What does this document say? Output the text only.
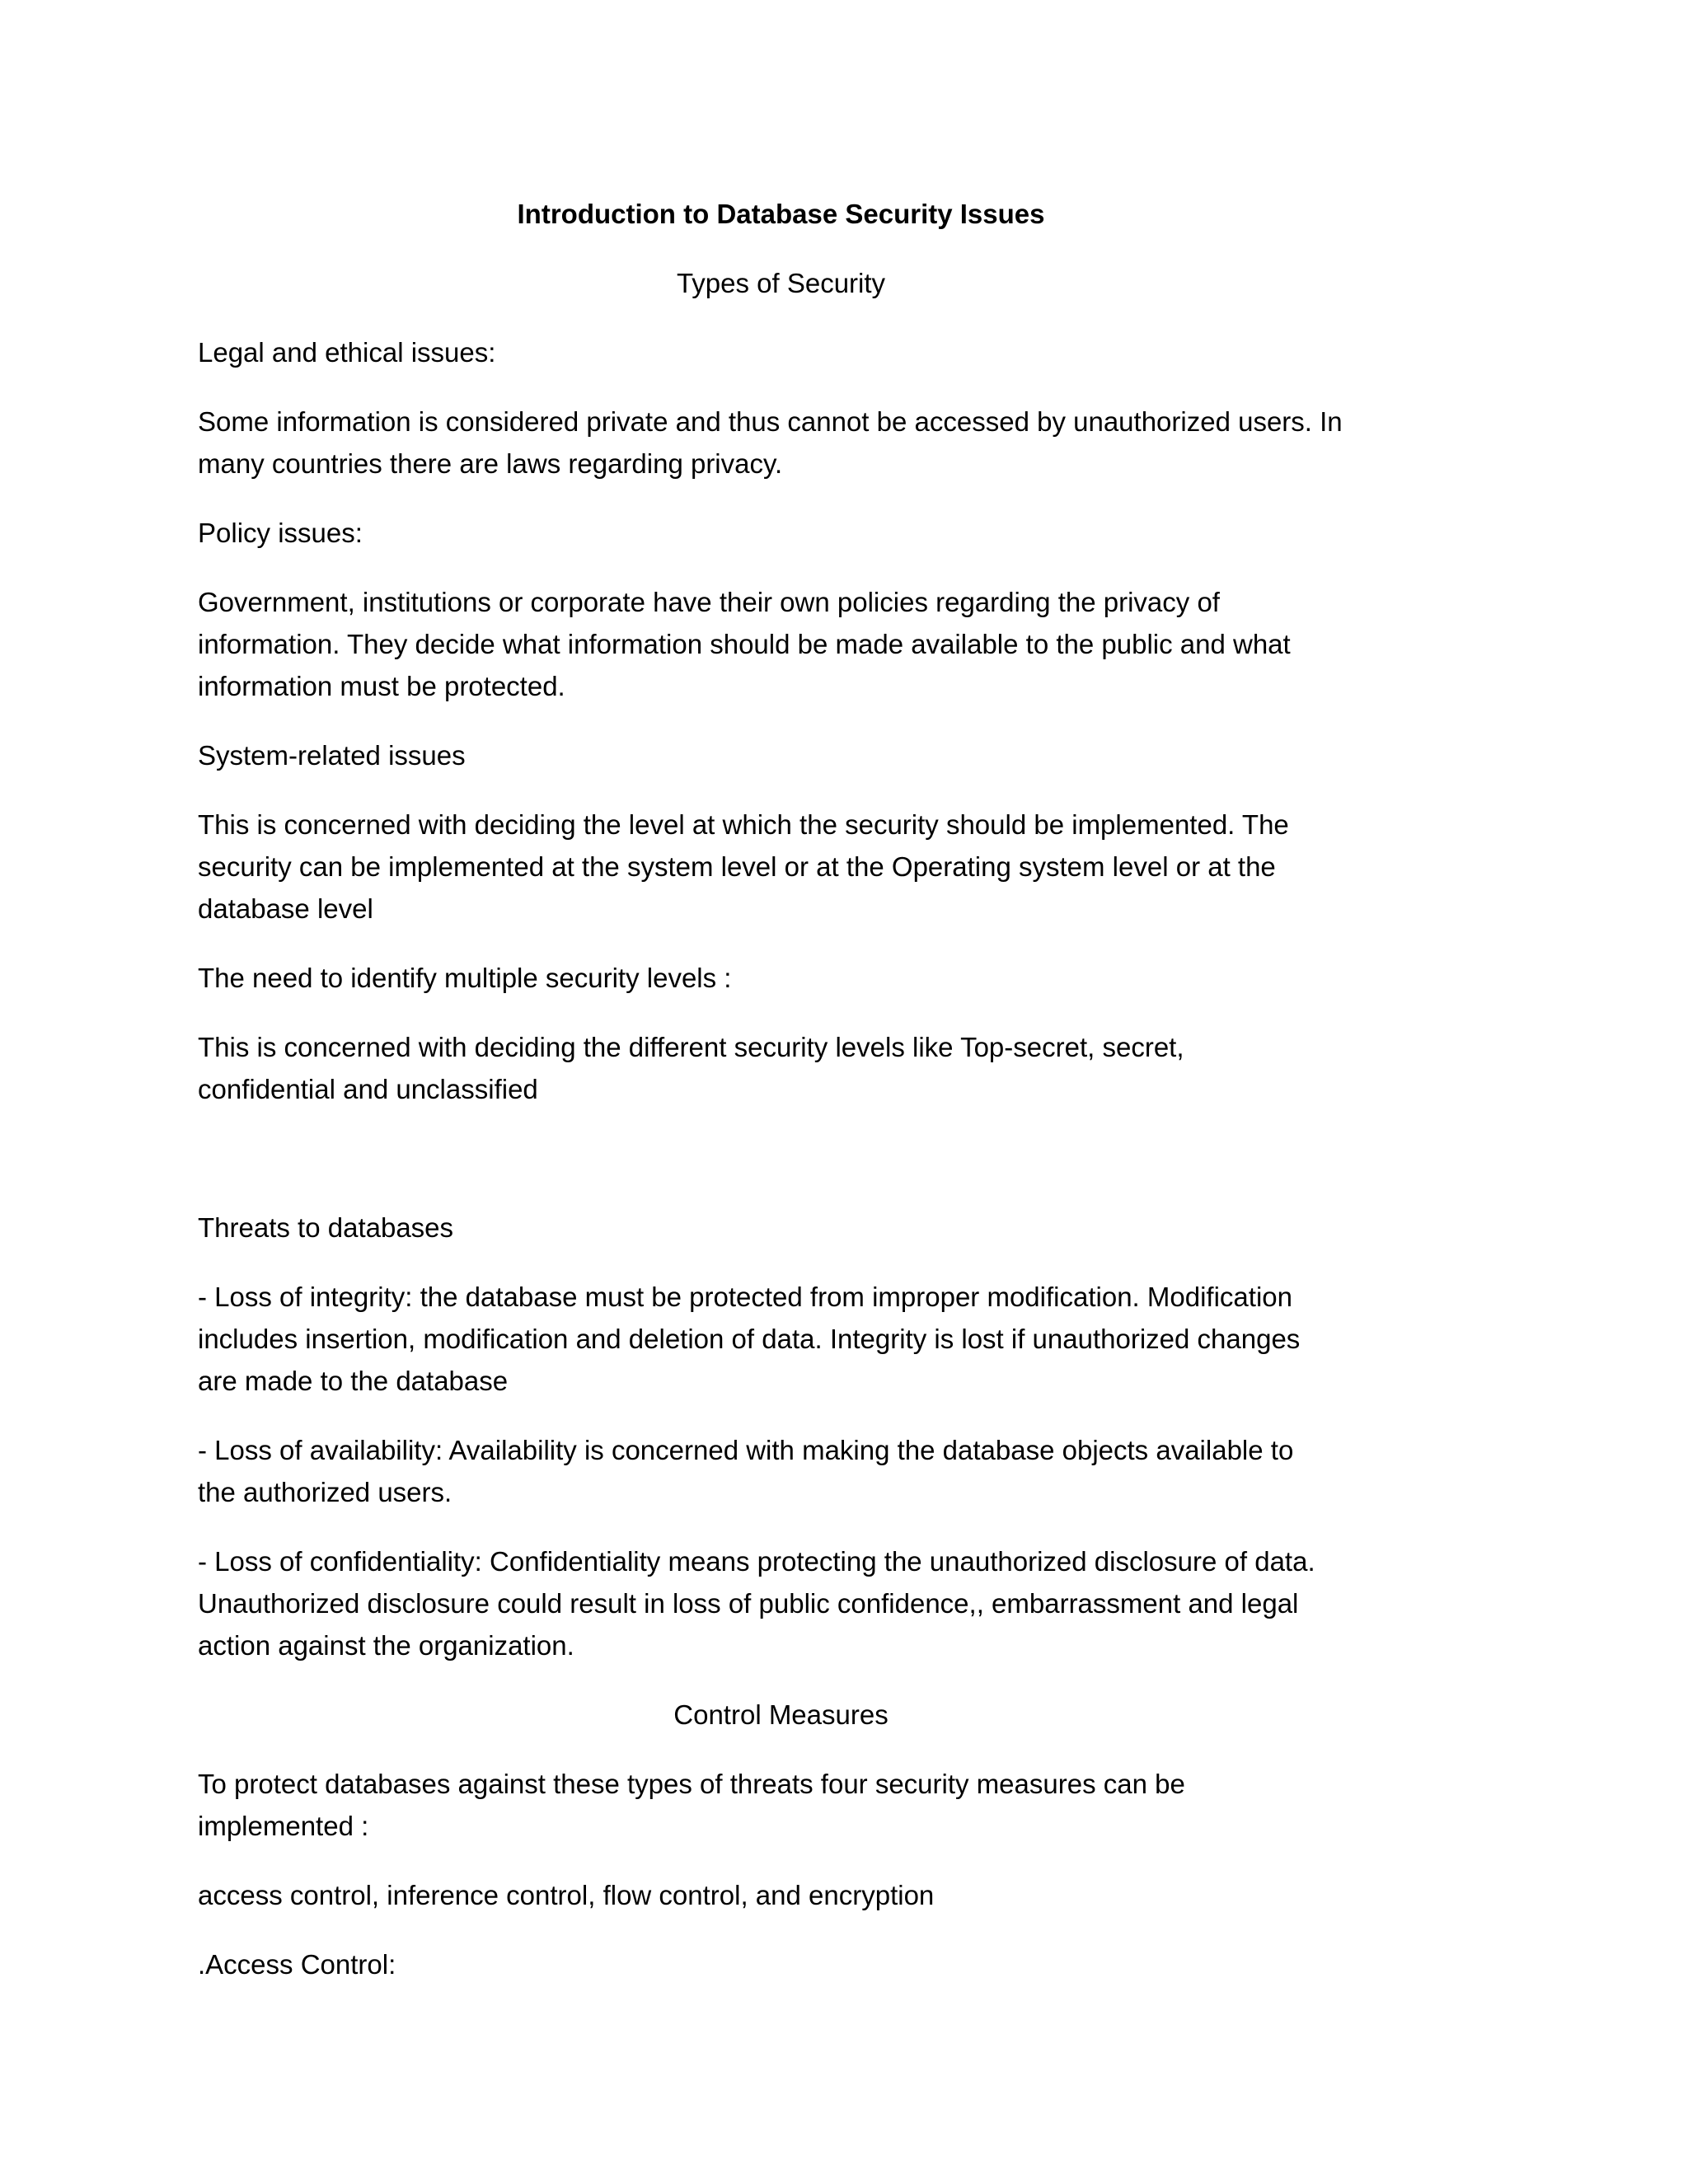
Introduction to Database Security Issues

Types of Security

Legal and ethical issues:

Some information is considered private and thus cannot be accessed by unauthorized users. In

many countries there are laws regarding privacy.

Policy issues:

Government, institutions or corporate have their own policies regarding the privacy of

information. They decide what information should be made available to the public and what

information must be protected.

System-related issues

This is concerned with deciding the level at which the security should be implemented. The

security can be implemented at the system level or at the Operating system level or at the

database level

The need to identify multiple security levels :

This is concerned with deciding the different security levels like Top-secret, secret,

confidential and unclassified

Threats to databases

- Loss of integrity: the database must be protected from improper modification. Modification

includes insertion, modification and deletion of data. Integrity is lost if unauthorized changes

are made to the database

- Loss of availability: Availability is concerned with making the database objects available to

the authorized users.

- Loss of confidentiality: Confidentiality means protecting the unauthorized disclosure of data.

Unauthorized disclosure could result in loss of public confidence,, embarrassment and legal

action against the organization.

Control Measures

To protect databases against these types of threats four security measures can be

implemented :

access control, inference control, flow control, and encryption

.Access Control:
